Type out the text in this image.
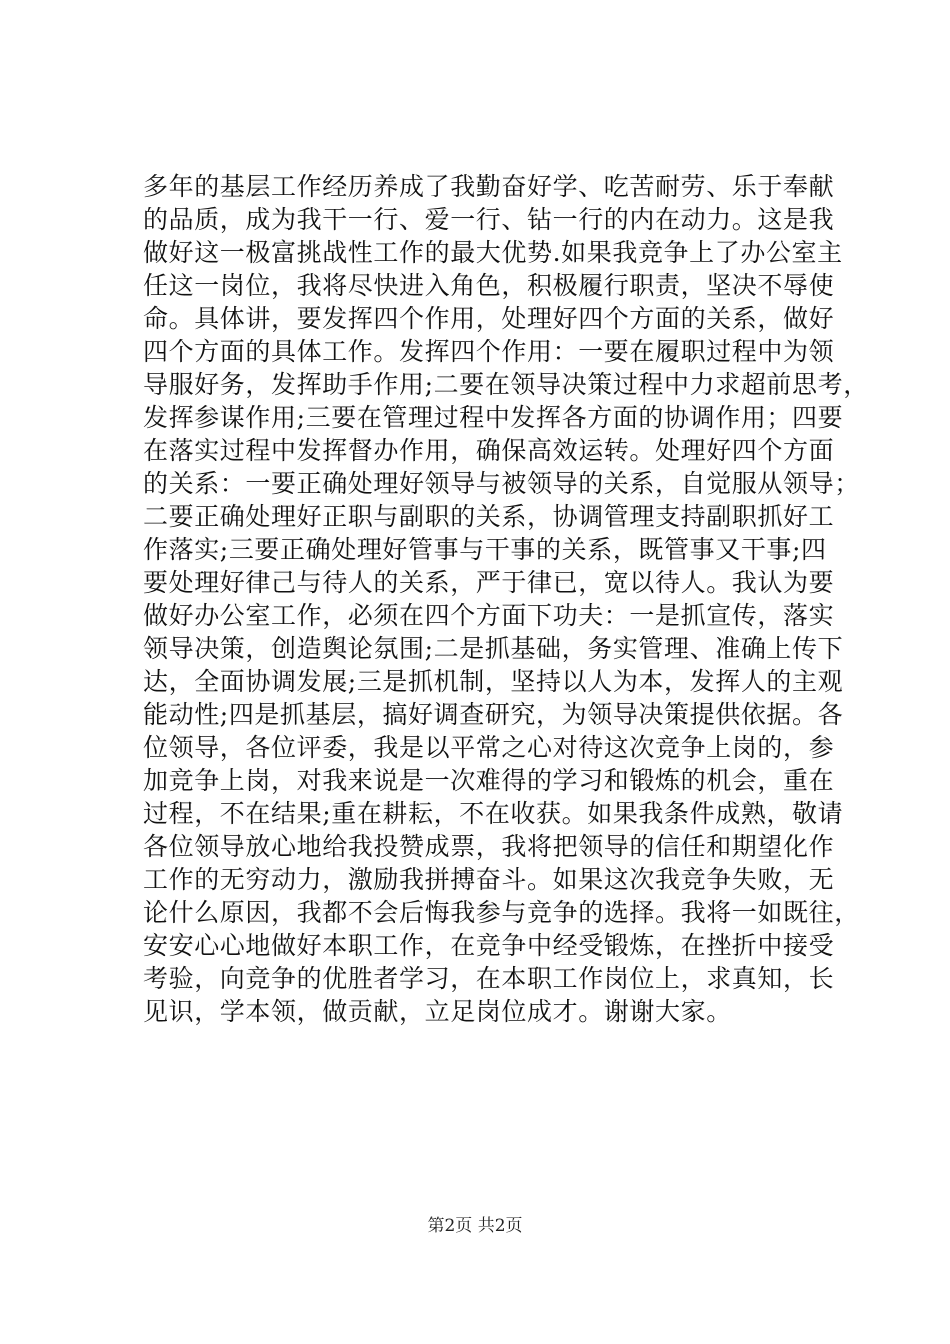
多年的基层工作经历养成了我勤奋好学、吃苦耐劳、乐于奉献
的品质，成为我干一行、爱一行、钻一行的内在动力。这是我
做好这一极富挑战性工作的最大优势.如果我竞争上了办公室主
任这一岗位，我将尽快进入角色，积极履行职责，坚决不辱使
命。具体讲，要发挥四个作用，处理好四个方面的关系，做好
四个方面的具体工作。发挥四个作用：一要在履职过程中为领
导服好务，发挥助手作用;二要在领导决策过程中力求超前思考，
发挥参谋作用;三要在管理过程中发挥各方面的协调作用；四要
在落实过程中发挥督办作用，确保高效运转。处理好四个方面
的关系：一要正确处理好领导与被领导的关系，自觉服从领导；
二要正确处理好正职与副职的关系，协调管理支持副职抓好工
作落实;三要正确处理好管事与干事的关系，既管事又干事;四
要处理好律己与待人的关系，严于律已，宽以待人。我认为要
做好办公室工作，必须在四个方面下功夫：一是抓宣传，落实
领导决策，创造舆论氛围;二是抓基础，务实管理、准确上传下
达，全面协调发展;三是抓机制，坚持以人为本，发挥人的主观
能动性;四是抓基层，搞好调查研究，为领导决策提供依据。各
位领导，各位评委，我是以平常之心对待这次竞争上岗的，参
加竞争上岗，对我来说是一次难得的学习和锻炼的机会，重在
过程，不在结果;重在耕耘，不在收获。如果我条件成熟，敬请
各位领导放心地给我投赞成票，我将把领导的信任和期望化作
工作的无穷动力，激励我拼搏奋斗。如果这次我竞争失败，无
论什么原因，我都不会后悔我参与竞争的选择。我将一如既往，
安安心心地做好本职工作，在竞争中经受锻炼，在挫折中接受
考验，向竞争的优胜者学习，在本职工作岗位上，求真知，长
见识，学本领，做贡献，立足岗位成才。谢谢大家。
第2页 共2页
